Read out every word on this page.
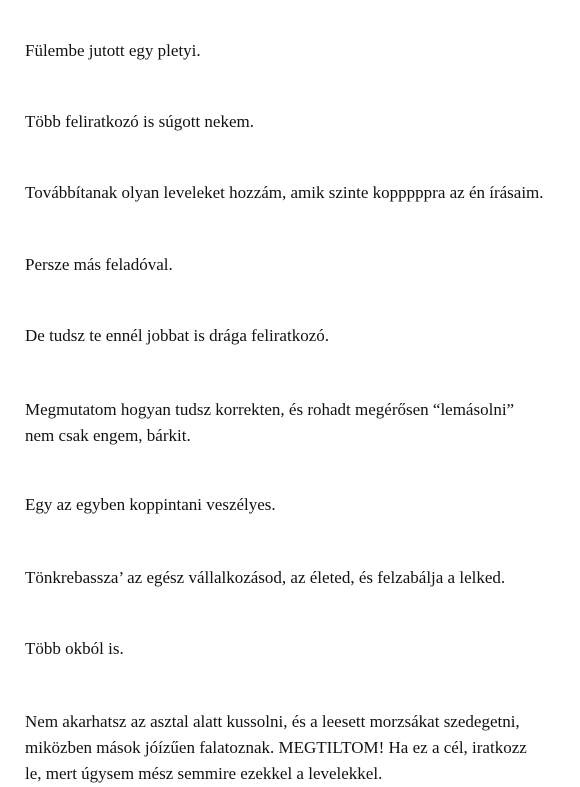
Fülembe jutott egy pletyi.

Több feliratkozó is súgott nekem.

Továbbítanak olyan leveleket hozzám, amik szinte kopppppra az én írásaim.

Persze más feladóval.

De tudsz te ennél jobbat is drága feliratkozó.

Megmutatom hogyan tudsz korrekten, és rohadt megérősen “lemásolni” nem csak engem, bárkit.

Egy az egyben koppintani veszélyes.

Tönkrebassza’ az egész vállalkozásod, az életed, és felzabálja a lelked.

Több okból is.

Nem akarhatsz az asztal alatt kussolni, és a leesett morzsákat szedegetni, miközben mások jóízűen falatoznak. MEGTILTOM! Ha ez a cél, iratkozz le, mert úgysem mész semmire ezekkel a levelekkel.
